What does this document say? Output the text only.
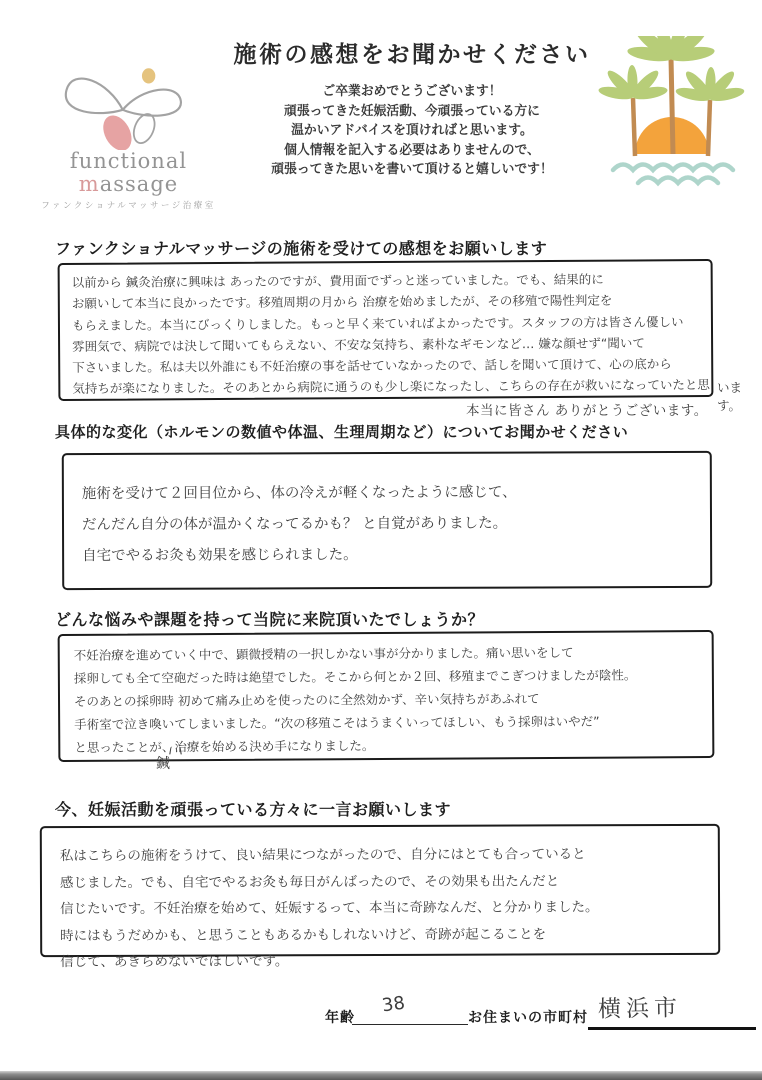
functional massage
ファンクショナルマッサージ治療室
施術の感想をお聞かせください
ご卒業おめでとうございます！
頑張ってきた妊娠活動、今頑張っている方に
温かいアドバイスを頂ければと思います。
個人情報を記入する必要はありませんので、
頑張ってきた思いを書いて頂けると嬉しいです！
ファンクショナルマッサージの施術を受けての感想をお願いします
以前から 鍼灸治療に興味は あったのですが、費用面でずっと迷っていました。でも、結果的に
お願いして本当に良かったです。移殖周期の月から 治療を始めましたが、その移殖で陽性判定を
もらえました。本当にびっくりしました。もっと早く来ていればよかったです。スタッフの方は皆さん優しい
雰囲気で、病院では決して聞いてもらえない、不安な気持ち、素朴なギモンなど… 嫌な顔せず“聞いて
下さいました。私は夫以外誰にも不妊治療の事を話せていなかったので、話しを聞いて頂けて、心の底から
気持ちが楽になりました。そのあとから病院に通うのも少し楽になったし、こちらの存在が救いになっていたと思 います。
本当に皆さん ありがとうございます。
具体的な変化（ホルモンの数値や体温、生理周期など）についてお聞かせください
施術を受けて２回目位から、体の冷えが軽くなったように感じて、
だんだん自分の体が温かくなってるかも？ と自覚がありました。
自宅でやるお灸も効果を感じられました。
どんな悩みや課題を持って当院に来院頂いたでしょうか？
不妊治療を進めていく中で、顕微授精の一択しかない事が分かりました。痛い思いをして
採卵しても全て空砲だった時は絶望でした。そこから何とか２回、移殖までこぎつけましたが陰性。
そのあとの採卵時 初めて痛み止めを使ったのに全然効かず、辛い気持ちがあふれて
手術室で泣き喚いてしまいました。“次の移殖こそはうまくいってほしい、もう採卵はいやだ”
と思ったことが、治療を始める決め手になりました。
鍼
今、妊娠活動を頑張っている方々に一言お願いします
私はこちらの施術をうけて、良い結果につながったので、自分にはとても合っていると
感じました。でも、自宅でやるお灸も毎日がんばったので、その効果も出たんだと
信じたいです。不妊治療を始めて、妊娠するって、本当に奇跡なんだ、と分かりました。
時にはもうだめかも、と思うこともあるかもしれないけど、奇跡が起こることを
信じて、あきらめないでほしいです。
年齢
38
お住まいの市町村 横浜市
